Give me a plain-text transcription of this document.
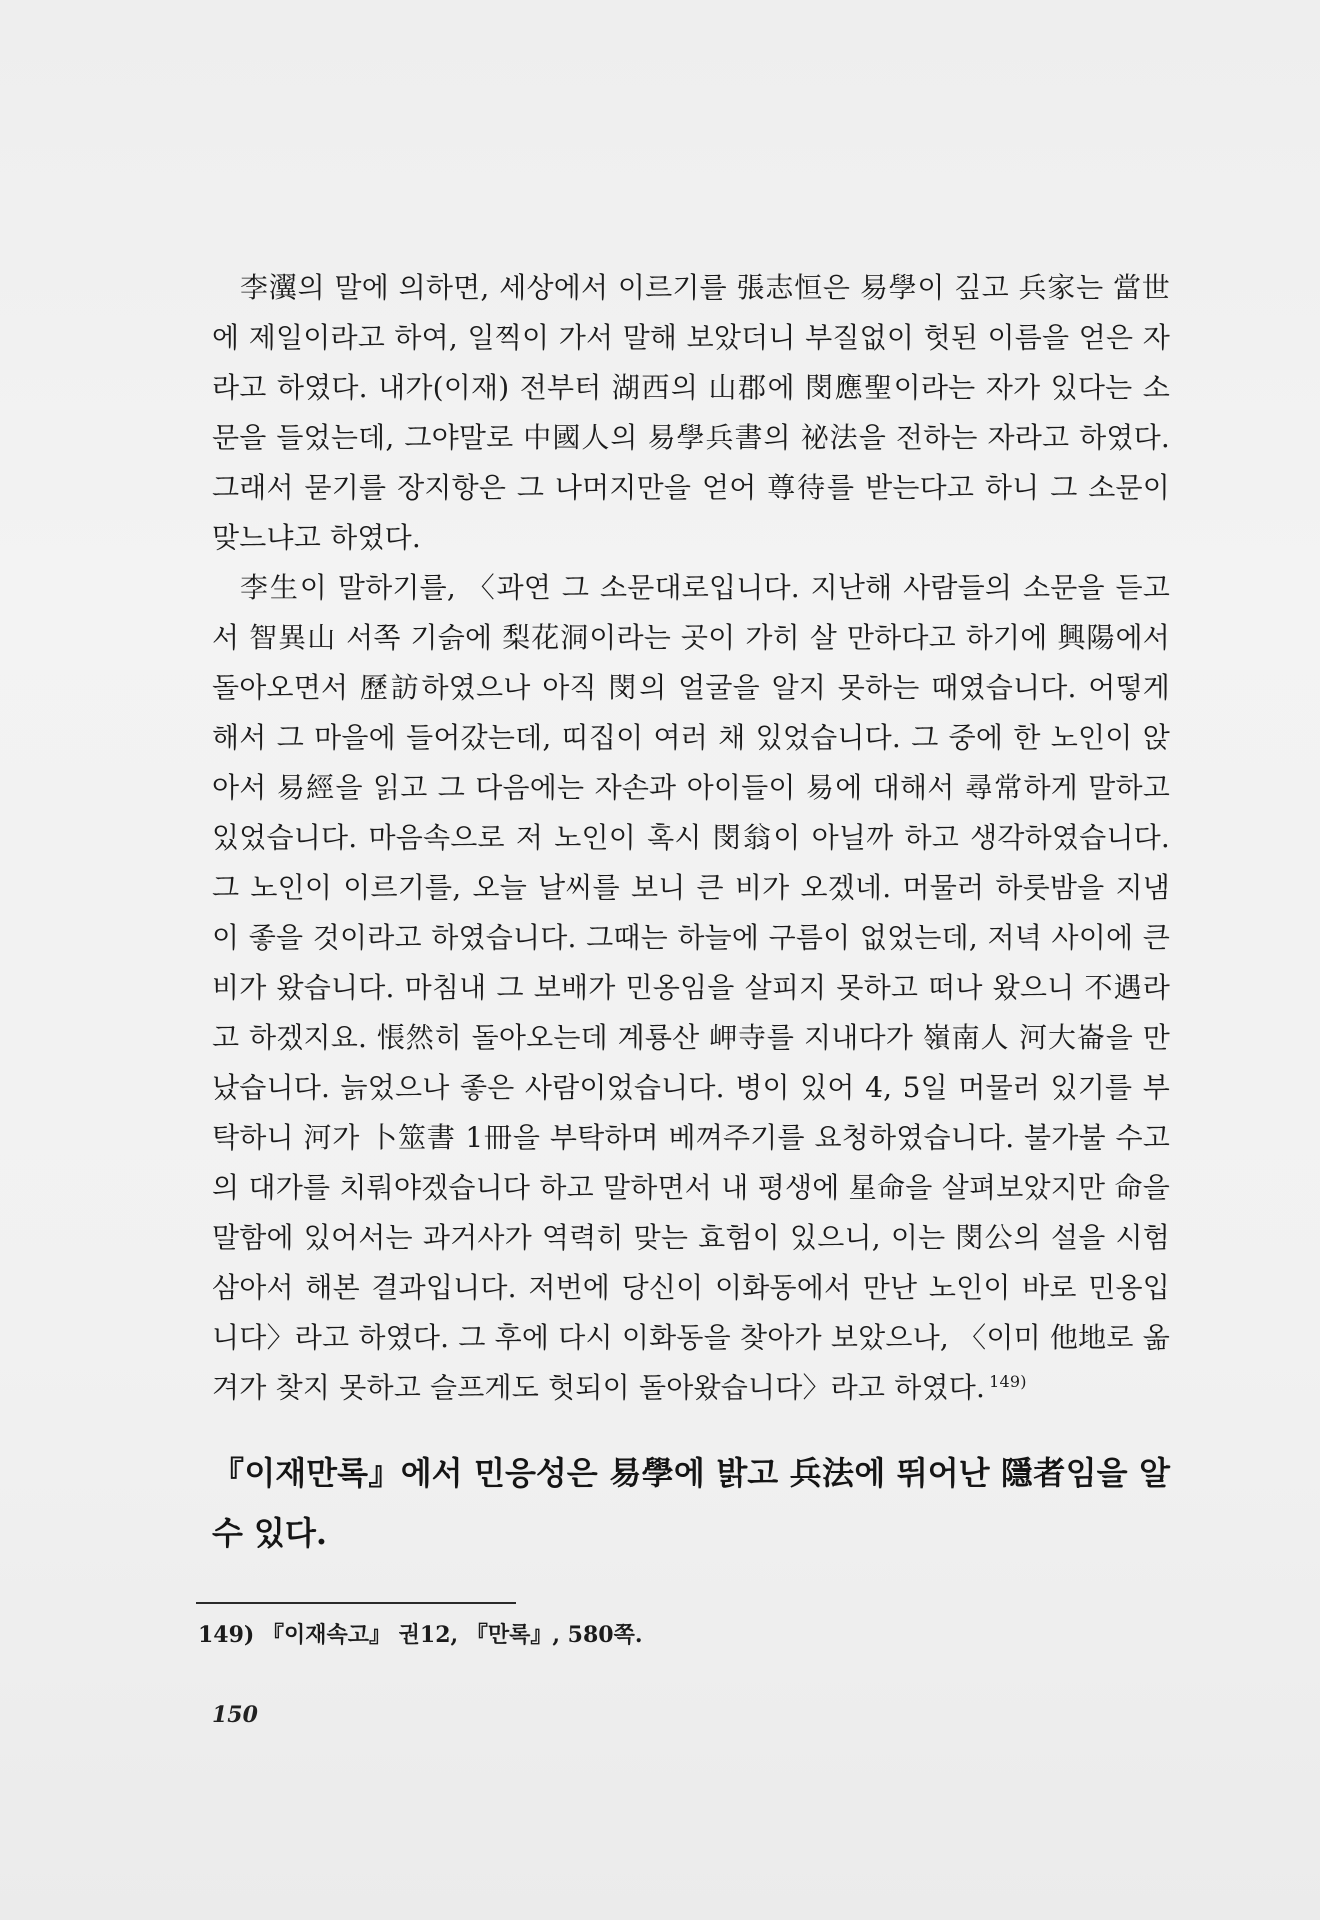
李瀷의 말에 의하면, 세상에서 이르기를 張志恒은 易學이 깊고 兵家는 當世에 제일이라고 하여, 일찍이 가서 말해 보았더니 부질없이 헛된 이름을 얻은 자라고 하였다. 내가(이재) 전부터 湖西의 山郡에 閔應聖이라는 자가 있다는 소문을 들었는데, 그야말로 中國人의 易學兵書의 祕法을 전하는 자라고 하였다. 그래서 묻기를 장지항은 그 나머지만을 얻어 尊待를 받는다고 하니 그 소문이 맞느냐고 하였다.

李生이 말하기를, 〈과연 그 소문대로입니다. 지난해 사람들의 소문을 듣고서 智異山 서쪽 기슭에 梨花洞이라는 곳이 가히 살 만하다고 하기에 興陽에서 돌아오면서 歷訪하였으나 아직 閔의 얼굴을 알지 못하는 때였습니다. 어떻게 해서 그 마을에 들어갔는데, 띠집이 여러 채 있었습니다. 그 중에 한 노인이 앉아서 易經을 읽고 그 다음에는 자손과 아이들이 易에 대해서 尋常하게 말하고 있었습니다. 마음속으로 저 노인이 혹시 閔翁이 아닐까 하고 생각하였습니다. 그 노인이 이르기를, 오늘 날씨를 보니 큰 비가 오겠네. 머물러 하룻밤을 지냄이 좋을 것이라고 하였습니다. 그때는 하늘에 구름이 없었는데, 저녁 사이에 큰 비가 왔습니다. 마침내 그 보배가 민옹임을 살피지 못하고 떠나 왔으니 不遇라고 하겠지요. 悵然히 돌아오는데 계룡산 岬寺를 지내다가 嶺南人 河大崙을 만났습니다. 늙었으나 좋은 사람이었습니다. 병이 있어 4, 5일 머물러 있기를 부탁하니 河가 卜筮書 1冊을 부탁하며 베껴주기를 요청하였습니다. 불가불 수고의 대가를 치뤄야겠습니다 하고 말하면서 내 평생에 星命을 살펴보았지만 命을 말함에 있어서는 과거사가 역력히 맞는 효험이 있으니, 이는 閔公의 설을 시험삼아서 해본 결과입니다. 저번에 당신이 이화동에서 만난 노인이 바로 민옹입니다〉라고 하였다. 그 후에 다시 이화동을 찾아가 보았으나, 〈이미 他地로 옮겨가 찾지 못하고 슬프게도 헛되이 돌아왔습니다〉라고 하였다. $^{149)}$

『이재만록』에서 민응성은 易學에 밝고 兵法에 뛰어난 隱者임을 알 수 있다.

149) 『이재속고』 권12, 『만록』, 580쪽.
150
